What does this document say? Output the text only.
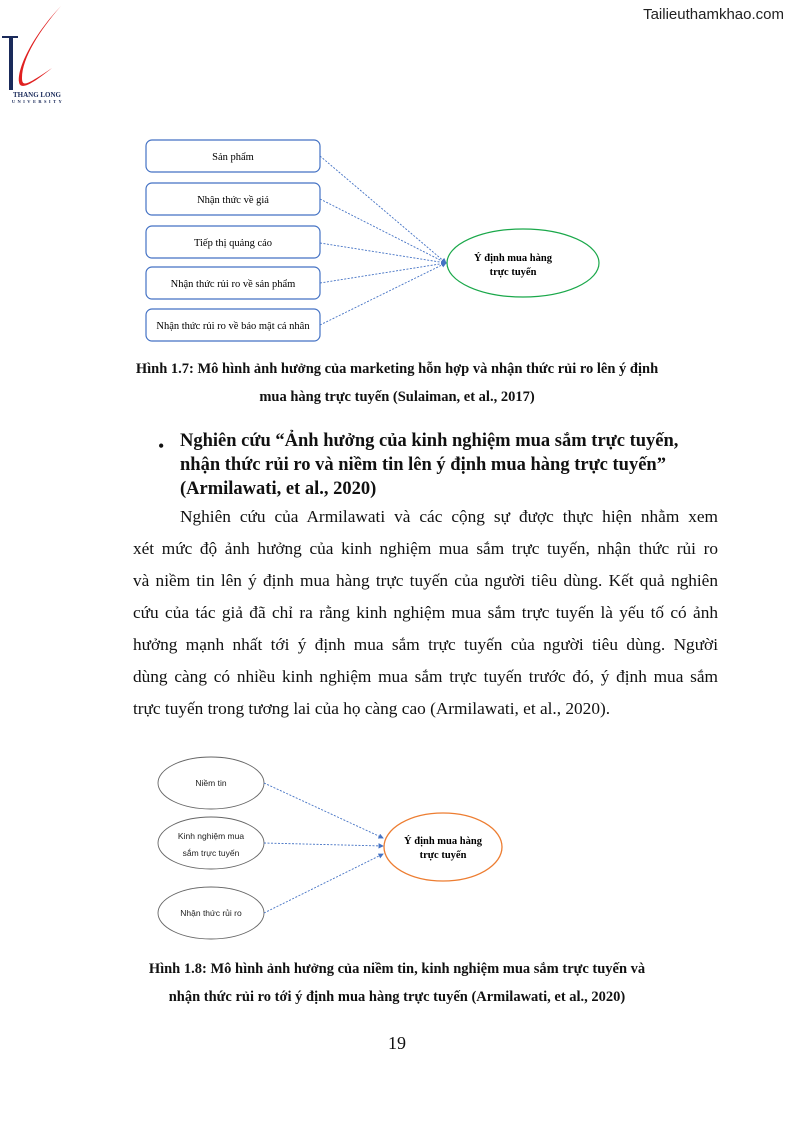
Tailieuthamkhao.com
THANG LONG
UNIVERSITY
Sản phẩm
Nhận thức về giá
Tiếp thị quảng cáo
Nhận thức rủi ro về sản phẩm
Nhận thức rủi ro về bảo mật cá nhân
Ý định mua hàng
trực tuyến
Hình 1.7: Mô hình ảnh hưởng của marketing hỗn hợp và nhận thức rủi ro lên ý định
mua hàng trực tuyến (Sulaiman, et al., 2017)
• Nghiên cứu “Ảnh hưởng của kinh nghiệm mua sắm trực tuyến,
nhận thức rủi ro và niềm tin lên ý định mua hàng trực tuyến”
(Armilawati, et al., 2020)
Nghiên cứu của Armilawati và các cộng sự được thực hiện nhằm xem
xét mức độ ảnh hưởng của kinh nghiệm mua sắm trực tuyến, nhận thức rủi ro
và niềm tin lên ý định mua hàng trực tuyến của người tiêu dùng. Kết quả nghiên
cứu của tác giả đã chỉ ra rằng kinh nghiệm mua sắm trực tuyến là yếu tố có ảnh
hưởng mạnh nhất tới ý định mua sắm trực tuyến của người tiêu dùng. Người
dùng càng có nhiều kinh nghiệm mua sắm trực tuyến trước đó, ý định mua sắm
trực tuyến trong tương lai của họ càng cao (Armilawati, et al., 2020).
Niềm tin
Kinh nghiệm mua
sắm trực tuyến
Nhận thức rủi ro
Ý định mua hàng
trực tuyến
Hình 1.8: Mô hình ảnh hưởng của niềm tin, kinh nghiệm mua sắm trực tuyến và
nhận thức rủi ro tới ý định mua hàng trực tuyến (Armilawati, et al., 2020)
19
